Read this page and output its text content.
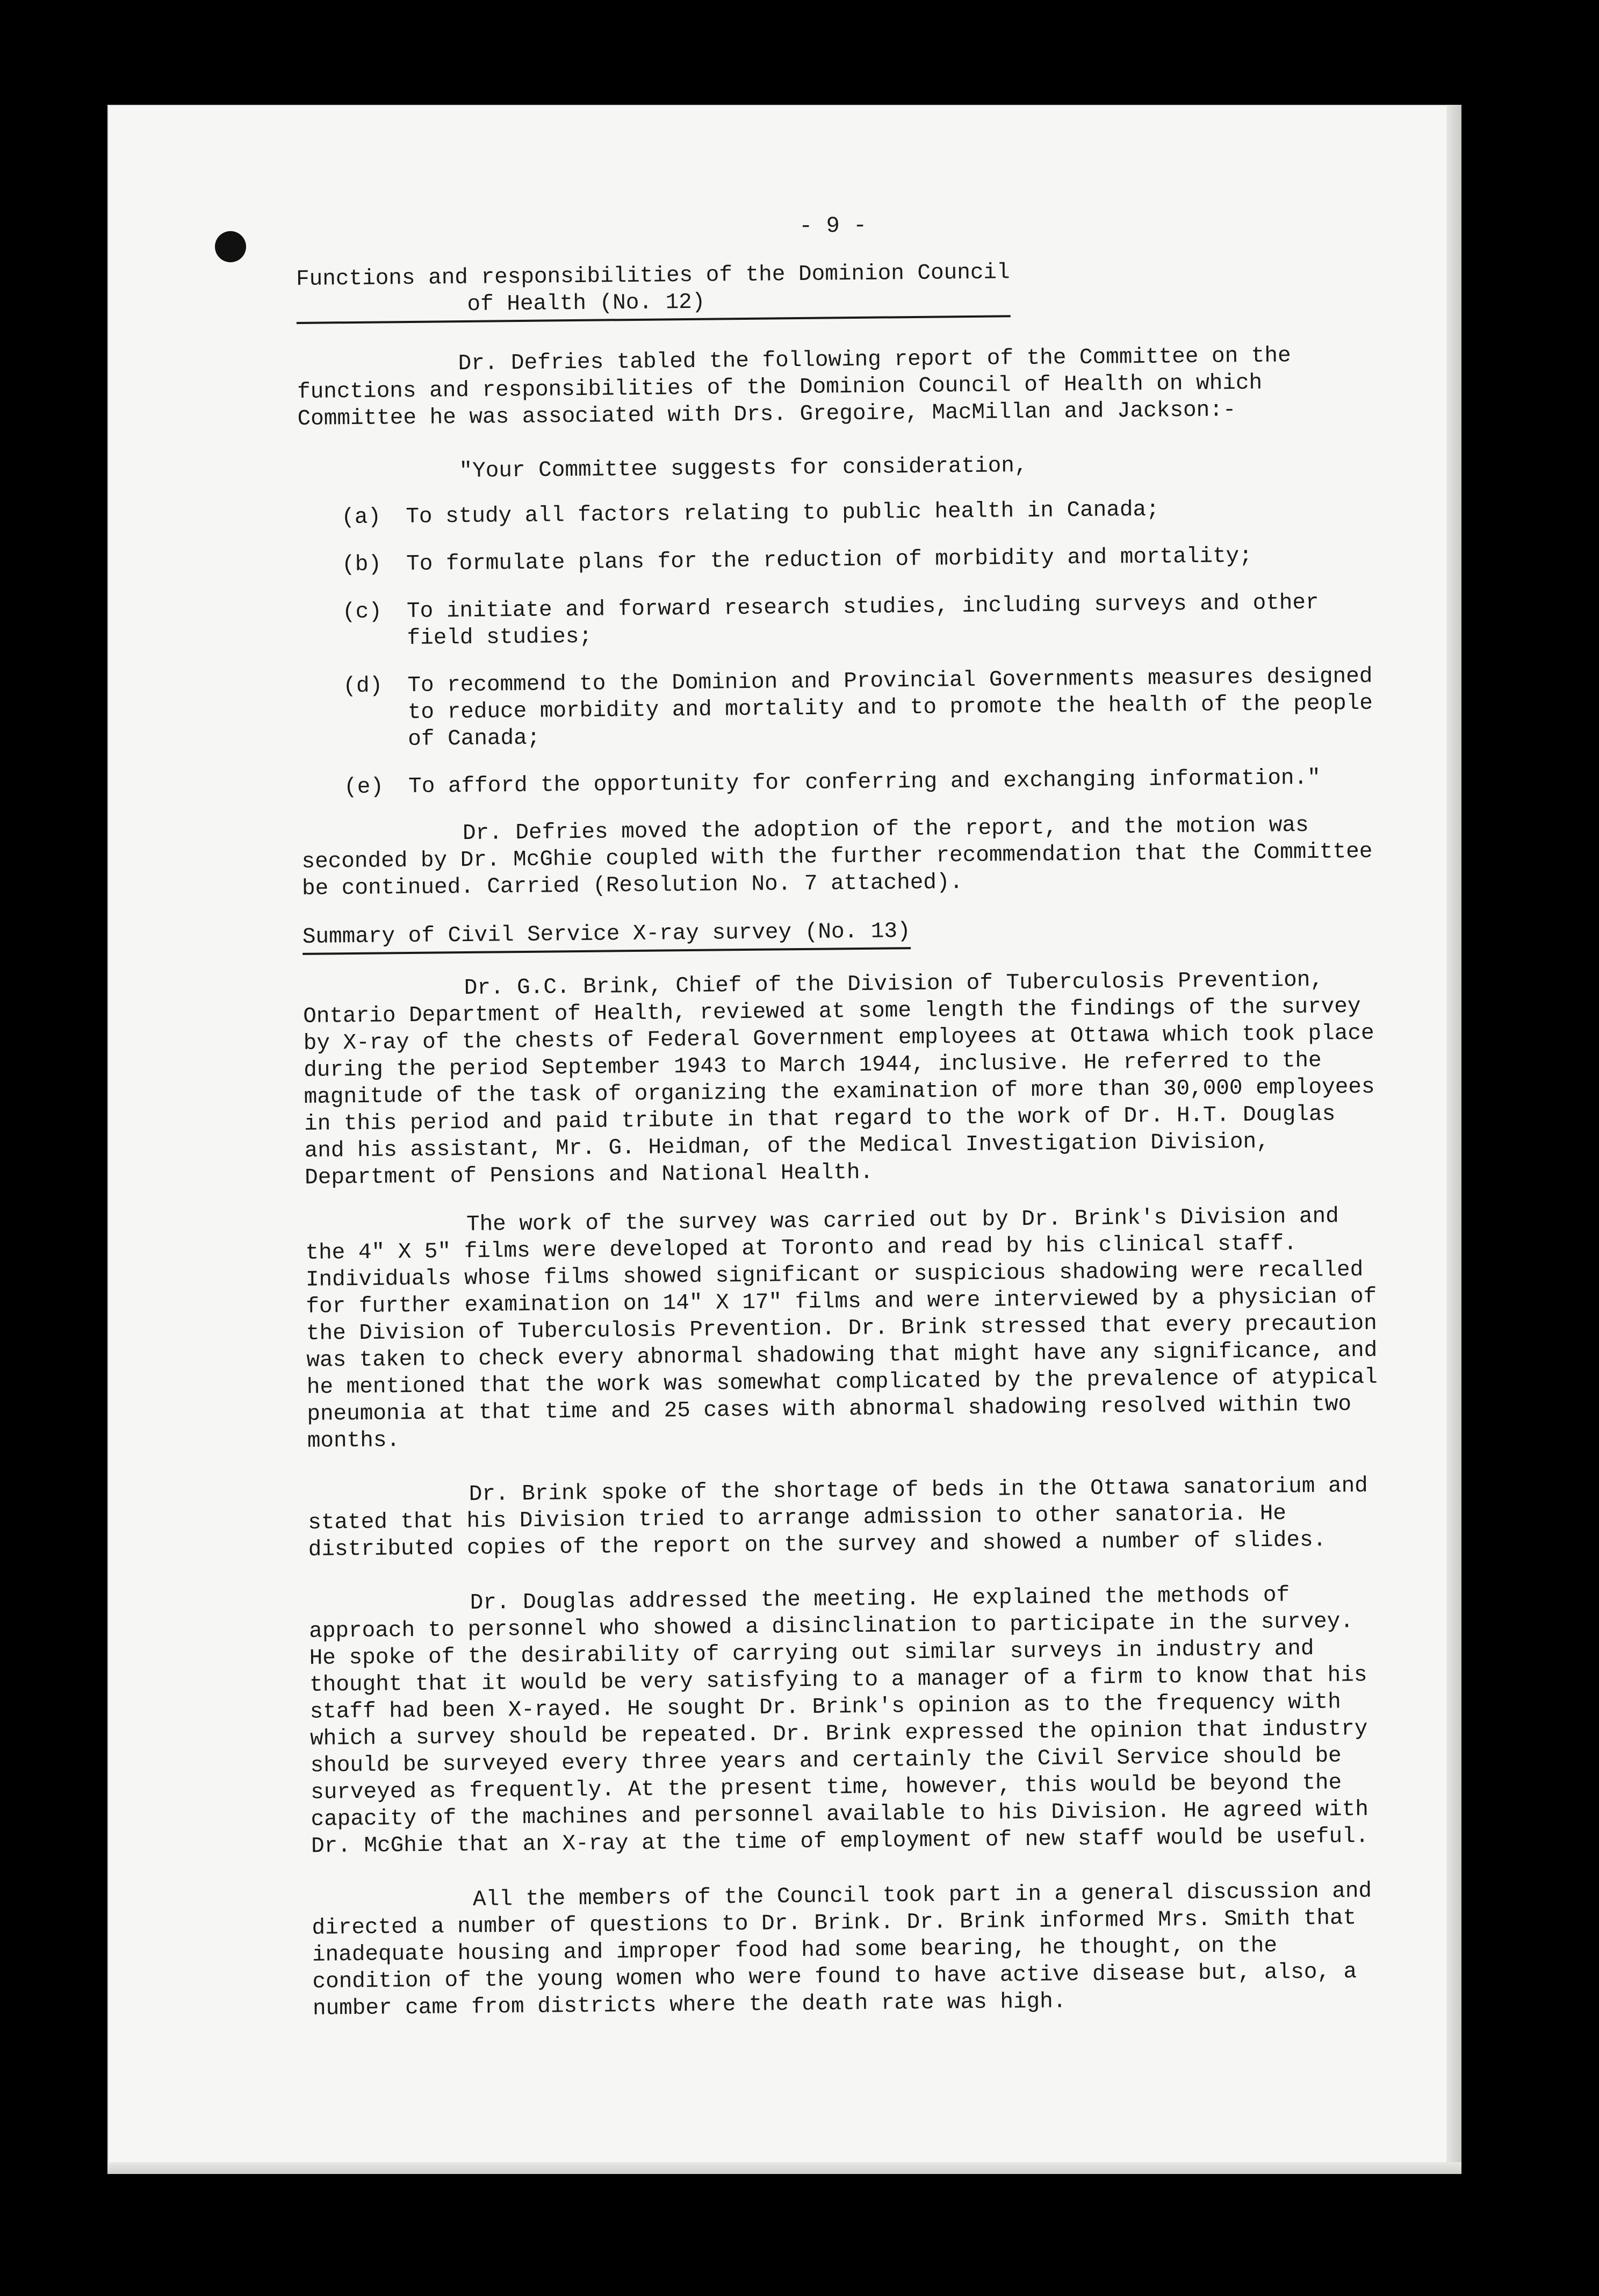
- 9 -
Functions and responsibilities of the Dominion Council
of Health (No. 12)

Dr. Defries tabled the following report of the Committee on the functions and responsibilities of the Dominion Council of Health on which Committee he was associated with Drs. Gregoire, MacMillan and Jackson:-

"Your Committee suggests for consideration,

(a)	To study all factors relating to public health in Canada;
(b)	To formulate plans for the reduction of morbidity and mortality;
(c)	To initiate and forward research studies, including surveys and other field studies;
(d)	To recommend to the Dominion and Provincial Governments measures designed to reduce morbidity and mortality and to promote the health of the people of Canada;
(e)	To afford the opportunity for conferring and exchanging information."

Dr. Defries moved the adoption of the report, and the motion was seconded by Dr. McGhie coupled with the further recommendation that the Committee be continued. Carried (Resolution No. 7 attached).

Summary of Civil Service X-ray survey (No. 13)

Dr. G.C. Brink, Chief of the Division of Tuberculosis Prevention, Ontario Department of Health, reviewed at some length the findings of the survey by X-ray of the chests of Federal Government employees at Ottawa which took place during the period September 1943 to March 1944, inclusive. He referred to the magnitude of the task of organizing the examination of more than 30,000 employees in this period and paid tribute in that regard to the work of Dr. H.T. Douglas and his assistant, Mr. G. Heidman, of the Medical Investigation Division, Department of Pensions and National Health.

The work of the survey was carried out by Dr. Brink's Division and the 4" X 5" films were developed at Toronto and read by his clinical staff. Individuals whose films showed significant or suspicious shadowing were recalled for further examination on 14" X 17" films and were interviewed by a physician of the Division of Tuberculosis Prevention. Dr. Brink stressed that every precaution was taken to check every abnormal shadowing that might have any significance, and he mentioned that the work was somewhat complicated by the prevalence of atypical pneumonia at that time and 25 cases with abnormal shadowing resolved within two months.

Dr. Brink spoke of the shortage of beds in the Ottawa sanatorium and stated that his Division tried to arrange admission to other sanatoria. He distributed copies of the report on the survey and showed a number of slides.

Dr. Douglas addressed the meeting. He explained the methods of approach to personnel who showed a disinclination to participate in the survey. He spoke of the desirability of carrying out similar surveys in industry and thought that it would be very satisfying to a manager of a firm to know that his staff had been X-rayed. He sought Dr. Brink's opinion as to the frequency with which a survey should be repeated. Dr. Brink expressed the opinion that industry should be surveyed every three years and certainly the Civil Service should be surveyed as frequently. At the present time, however, this would be beyond the capacity of the machines and personnel available to his Division. He agreed with Dr. McGhie that an X-ray at the time of employment of new staff would be useful.

All the members of the Council took part in a general discussion and directed a number of questions to Dr. Brink. Dr. Brink informed Mrs. Smith that inadequate housing and improper food had some bearing, he thought, on the condition of the young women who were found to have active disease but, also, a number came from districts where the death rate was high.
